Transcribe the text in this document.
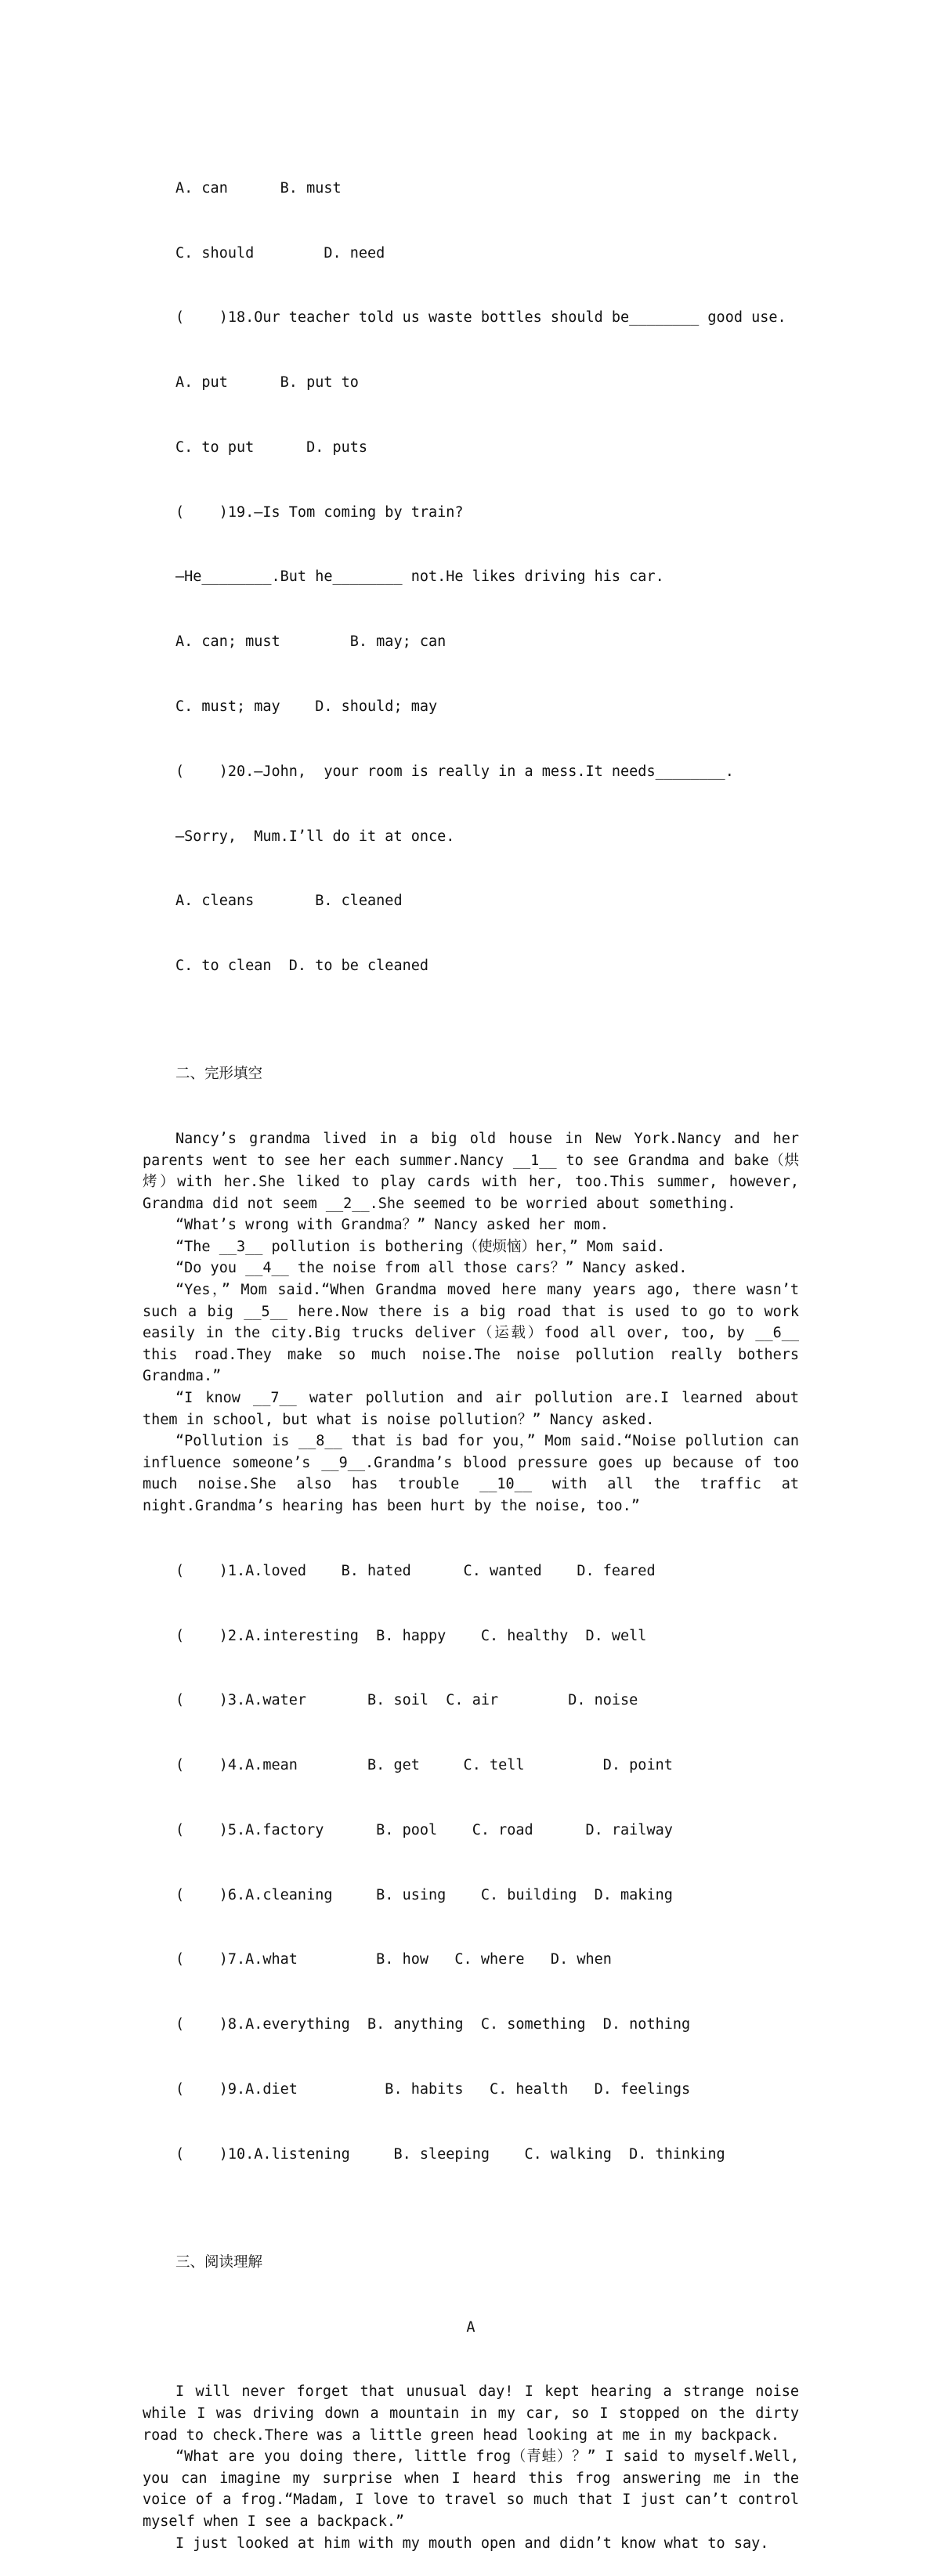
A. can      B. must

C. should        D. need

(    )18.Our teacher told us waste bottles should be________ good use.

A. put      B. put to

C. to put      D. puts

(    )19.—Is Tom coming by train?

—He________.But he________ not.He likes driving his car.

A. can; must        B. may; can

C. must; may    D. should; may

(    )20.—John,  your room is really in a mess.It needs________.

—Sorry,  Mum.I’ll do it at once.

A. cleans       B. cleaned

C. to clean  D. to be cleaned

二、完形填空

Nancy’s grandma lived in a big old house in New York.Nancy and her parents went to see her each summer.Nancy __1__ to see Grandma and bake（烘烤）with her.She liked to play cards with her, too.This summer, however, Grandma did not seem __2__.She seemed to be worried about something.
“What’s wrong with Grandma？” Nancy asked her mom.
“The __3__ pollution is bothering（使烦恼）her，” Mom said.
“Do you __4__ the noise from all those cars？” Nancy asked.
“Yes，” Mom said.“When Grandma moved here many years ago, there wasn’t such a big __5__ here.Now there is a big road that is used to go to work easily in the city.Big trucks deliver（运载）food all over, too, by __6__ this road.They make so much noise.The noise pollution really bothers Grandma.”
“I know __7__ water pollution and air pollution are.I learned about them in school, but what is noise pollution？” Nancy asked.
“Pollution is __8__ that is bad for you，” Mom said.“Noise pollution can influence someone’s __9__.Grandma’s blood pressure goes up because of too much noise.She also has trouble __10__ with all the traffic at night.Grandma’s hearing has been hurt by the noise, too.”

(    )1.A.loved    B. hated      C. wanted    D. feared

(    )2.A.interesting  B. happy    C. healthy  D. well

(    )3.A.water       B. soil  C. air        D. noise

(    )4.A.mean        B. get     C. tell         D. point

(    )5.A.factory      B. pool    C. road      D. railway

(    )6.A.cleaning     B. using    C. building  D. making

(    )7.A.what         B. how   C. where   D. when

(    )8.A.everything  B. anything  C. something  D. nothing

(    )9.A.diet          B. habits   C. health   D. feelings

(    )10.A.listening     B. sleeping    C. walking  D. thinking

三、阅读理解

A

I will never forget that unusual day! I kept hearing a strange noise while I was driving down a mountain in my car, so I stopped on the dirty road to check.There was a little green head looking at me in my backpack.
“What are you doing there, little frog（青蛙）？” I said to myself.Well, you can imagine my surprise when I heard this frog answering me in the voice of a frog.“Madam, I love to travel so much that I just can’t control myself when I see a backpack.”
I just looked at him with my mouth open and didn’t know what to say.
